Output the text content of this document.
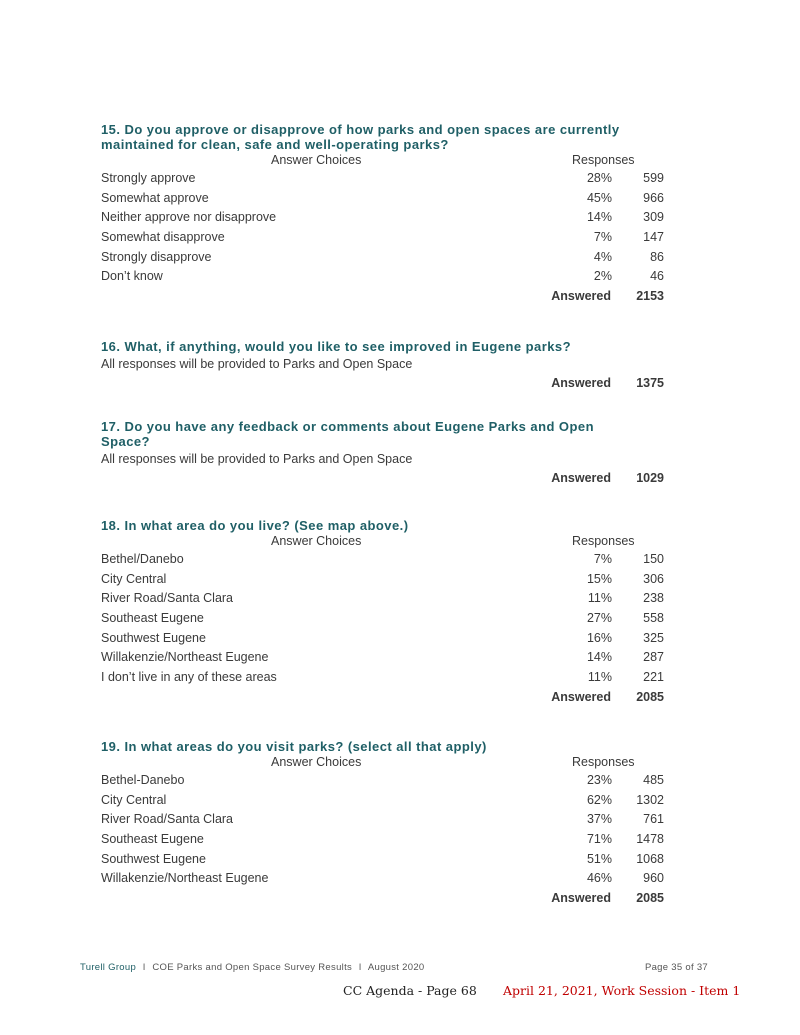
15. Do you approve or disapprove of how parks and open spaces are currently maintained for clean, safe and well-operating parks?

Answer Choices	Responses
Strongly approve	28% 599
Somewhat approve	45% 966
Neither approve nor disapprove	14% 309
Somewhat disapprove	7% 147
Strongly disapprove	4%	86
Don’t know	2%	46
Answered 2153

16. What, if anything, would you like to see improved in Eugene parks?

All responses will be provided to Parks and Open Space
Answered 1375

17. Do you have any feedback or comments about Eugene Parks and Open Space?

All responses will be provided to Parks and Open Space
Answered 1029

18. In what area do you live? (See map above.)

Answer Choices	Responses
Bethel/Danebo	7% 150
City Central	15% 306
River Road/Santa Clara	11% 238
Southeast Eugene	27% 558
Southwest Eugene	16% 325
Willakenzie/Northeast Eugene	14% 287
I don’t live in any of these areas	11% 221
Answered 2085

19. In what areas do you visit parks? (select all that apply)

Answer Choices	Responses
Bethel-Danebo	23% 485
City Central	62% 1302
River Road/Santa Clara	37% 761
Southeast Eugene	71% 1478
Southwest Eugene	51% 1068
Willakenzie/Northeast Eugene	46% 960
Answered 2085
Turell Group l COE Parks and Open Space Survey Results l August 2020	Page 35 of 37
CC Agenda - Page 68 April 21, 2021, Work Session - Item 1
